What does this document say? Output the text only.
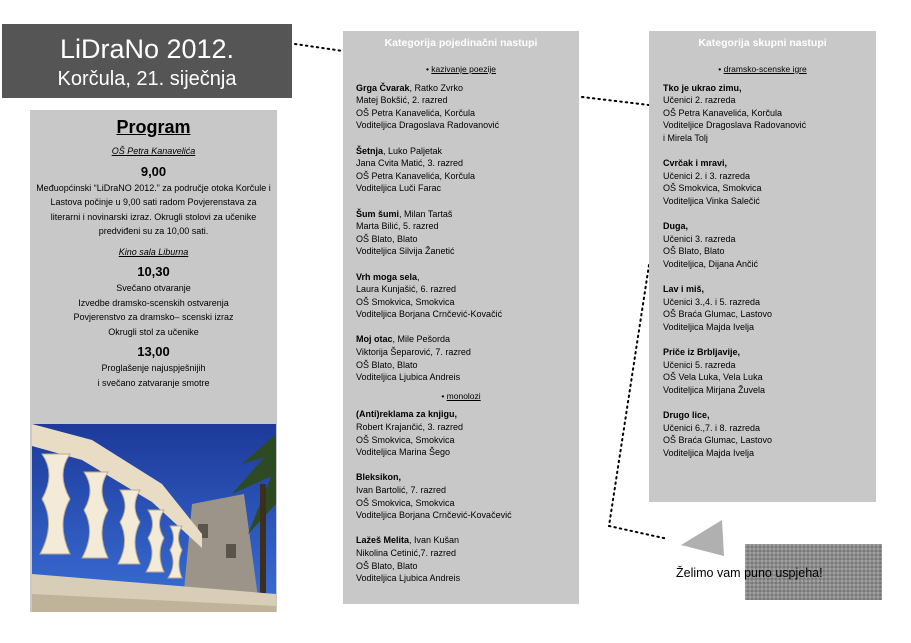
LiDraNo 2012.
Korčula, 21. siječnja
Program
OŠ Petra Kanavelića
9,00
Međuopćinski “LiDraNO 2012.” za područje otoka Korčule i Lastova počinje u 9,00 sati radom Povjerenstava za literarni i novinarski izraz. Okrugli stolovi za učenike predviđeni su za 10,00 sati.
Kino sala Liburna
10,30
Svečano otvaranje
Izvedbe dramsko-scenskih ostvarenja
Povjerenstvo za dramsko– scenski izraz
Okrugli stol za učenike
13,00
Proglašenje najuspješnijih
i svečano zatvaranje smotre
Kategorija pojedinačni nastupi
• kazivanje poezije
Grga Čvarak, Ratko Zvrko
Matej Bokšić, 2. razred
OŠ Petra Kanavelića, Korčula
Voditeljica Dragoslava Radovanović
Šetnja, Luko Paljetak
Jana Cvita Matić, 3. razred
OŠ Petra Kanavelića, Korčula
Voditeljica Luči Farac
Šum šumi, Milan Tartaš
Marta Bilić, 5. razred
OŠ Blato, Blato
Voditeljica Silvija Žanetić
Vrh moga sela,
Laura Kunjašić, 6. razred
OŠ Smokvica, Smokvica
Voditeljica Borjana Crnčević-Kovačić
Moj otac, Mile Pešorda
Viktorija Šeparović, 7. razred
OŠ Blato, Blato
Voditeljica Ljubica Andreis
• monolozi
(Anti)reklama za knjigu,
Robert Krajančić, 3. razred
OŠ Smokvica, Smokvica
Voditeljica Marina Šego
Bleksikon,
Ivan Bartolić, 7. razred
OŠ Smokvica, Smokvica
Voditeljica Borjana Crnčević-Kovačević
Lažeš Melita, Ivan Kušan
Nikolina Cetinić,7. razred
OŠ Blato, Blato
Voditeljica Ljubica Andreis
Kategorija skupni nastupi
• dramsko-scenske igre
Tko je ukrao zimu,
Učenici 2. razreda
OŠ Petra Kanavelića, Korčula
Voditeljice Dragoslava Radovanović
i Mirela Tolj
Cvrčak i mravi,
Učenici 2. i 3. razreda
OŠ Smokvica, Smokvica
Voditeljica Vinka Salečić
Duga,
Učenici 3. razreda
OŠ Blato, Blato
Voditeljica, Dijana Ančić
Lav i miš,
Učenici 3.,4. i 5. razreda
OŠ Braća Glumac, Lastovo
Voditeljica Majda Ivelja
Priče iz Brbljavije,
Učenici 5. razreda
OŠ Vela Luka, Vela Luka
Voditeljica Mirjana Žuvela
Drugo lice,
Učenici 6.,7. i 8. razreda
OŠ Braća Glumac, Lastovo
Voditeljica Majda Ivelja
Želimo vam puno uspjeha!
